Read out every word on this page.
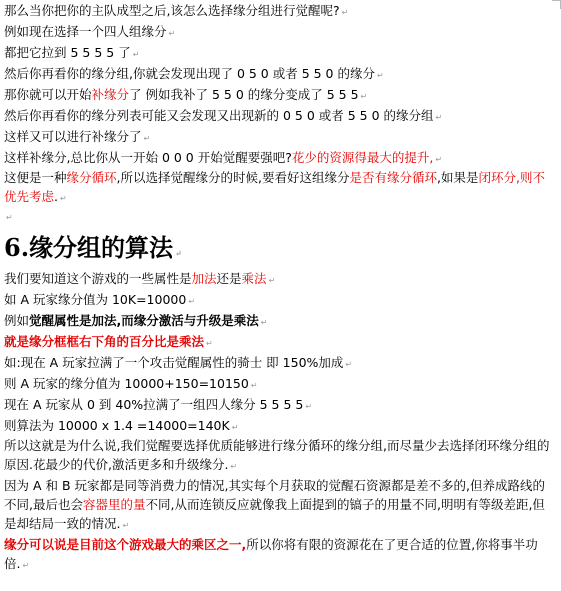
那么当你把你的主队成型之后,该怎么选择缘分组进行觉醒呢? ↵
例如现在选择一个四人组缘分 ↵
都把它拉到 5 5 5 5 了 ↵
然后你再看你的缘分组,你就会发现出现了 0 5 0 或者 5 5 0 的缘分 ↵
那你就可以开始补缘分了 例如我补了 5 5 0 的缘分变成了 5 5 5 ↵
然后你再看你的缘分列表可能又会发现又出现新的 0 5 0 或者 5 5 0 的缘分组 ↵
这样又可以进行补缘分了 ↵
这样补缘分,总比你从一开始 0 0 0 开始觉醒要强吧?花少的资源得最大的提升, ↵
这便是一种缘分循环,所以选择觉醒缘分的时候,要看好这组缘分是否有缘分循环,如果是闭环分,则不优先考虑. ↵
↵
6.缘分组的算法 ↵
我们要知道这个游戏的一些属性是加法还是乘法 ↵
如 A 玩家缘分值为 10K=10000 ↵
例如觉醒属性是加法,而缘分激活与升级是乘法 ↵
就是缘分框框右下角的百分比是乘法 ↵
如:现在 A 玩家拉满了一个攻击觉醒属性的骑士 即 150%加成 ↵
则 A 玩家的缘分值为 10000+150=10150 ↵
现在 A 玩家从 0 到 40%拉满了一组四人缘分 5 5 5 5 ↵
则算法为 10000 x 1.4 =14000=140K ↵
所以这就是为什么说,我们觉醒要选择优质能够进行缘分循环的缘分组,而尽量少去选择闭环缘分组的原因.花最少的代价,激活更多和升级缘分. ↵
因为 A 和 B 玩家都是同等消费力的情况,其实每个月获取的觉醒石资源都是差不多的,但养成路线的不同,最后也会容器里的量不同,从而连锁反应就像我上面提到的镐子的用量不同,明明有等级差距,但是却结局一致的情况. ↵
缘分可以说是目前这个游戏最大的乘区之一,所以你将有限的资源花在了更合适的位置,你将事半功倍. ↵
